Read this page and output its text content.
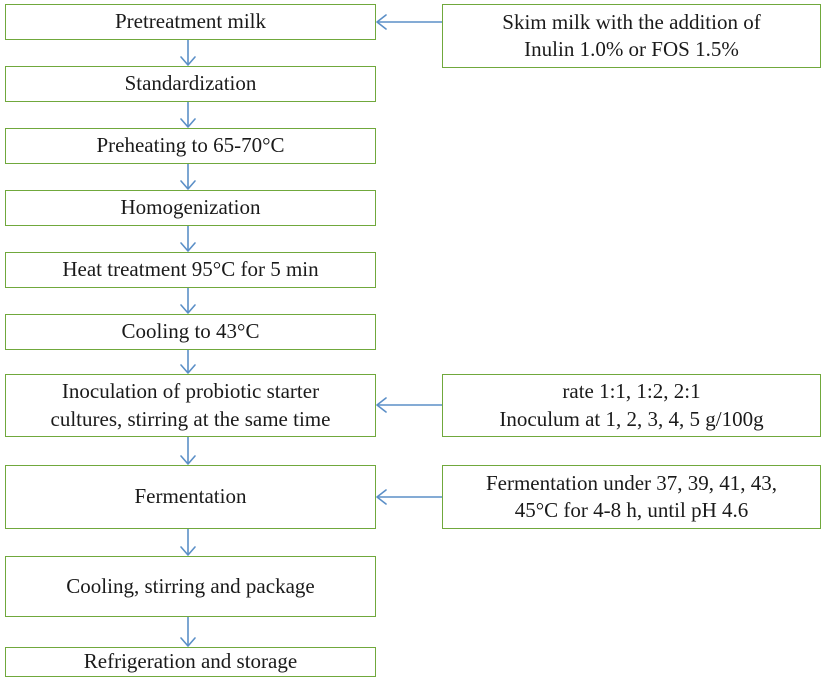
Pretreatment milk
Standardization
Preheating to 65-70°C
Homogenization
Heat treatment 95°C for 5 min
Cooling to 43°C
Inoculation of probiotic starter
cultures, stirring at the same time
Fermentation
Cooling, stirring and package
Refrigeration and storage
Skim milk with the addition of
Inulin 1.0% or FOS 1.5%
rate 1:1, 1:2, 2:1
Inoculum at 1, 2, 3, 4, 5 g/100g
Fermentation under 37, 39, 41, 43,
45°C for 4-8 h, until pH 4.6
